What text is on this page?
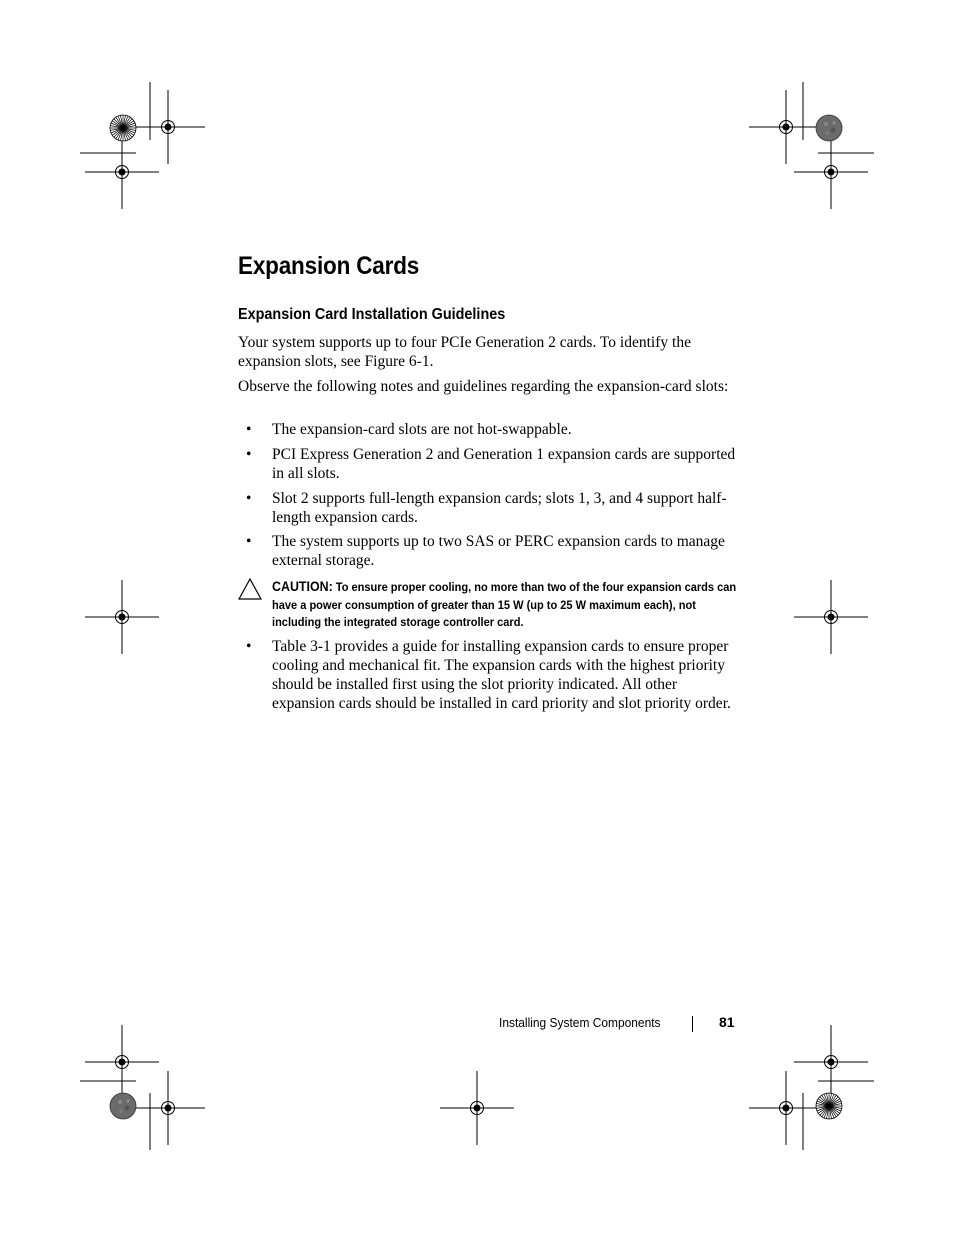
Expansion Cards
Expansion Card Installation Guidelines

Your system supports up to four PCIe Generation 2 cards. To identify the expansion slots, see Figure 6-1.

Observe the following notes and guidelines regarding the expansion-card slots:

• The expansion-card slots are not hot-swappable.
• PCI Express Generation 2 and Generation 1 expansion cards are supported in all slots.
• Slot 2 supports full-length expansion cards; slots 1, 3, and 4 support half-length expansion cards.
• The system supports up to two SAS or PERC expansion cards to manage external storage.
CAUTION: To ensure proper cooling, no more than two of the four expansion cards can have a power consumption of greater than 15 W (up to 25 W maximum each), not including the integrated storage controller card.
• Table 3-1 provides a guide for installing expansion cards to ensure proper cooling and mechanical fit. The expansion cards with the highest priority should be installed first using the slot priority indicated. All other expansion cards should be installed in card priority and slot priority order.
Installing System Components	81
